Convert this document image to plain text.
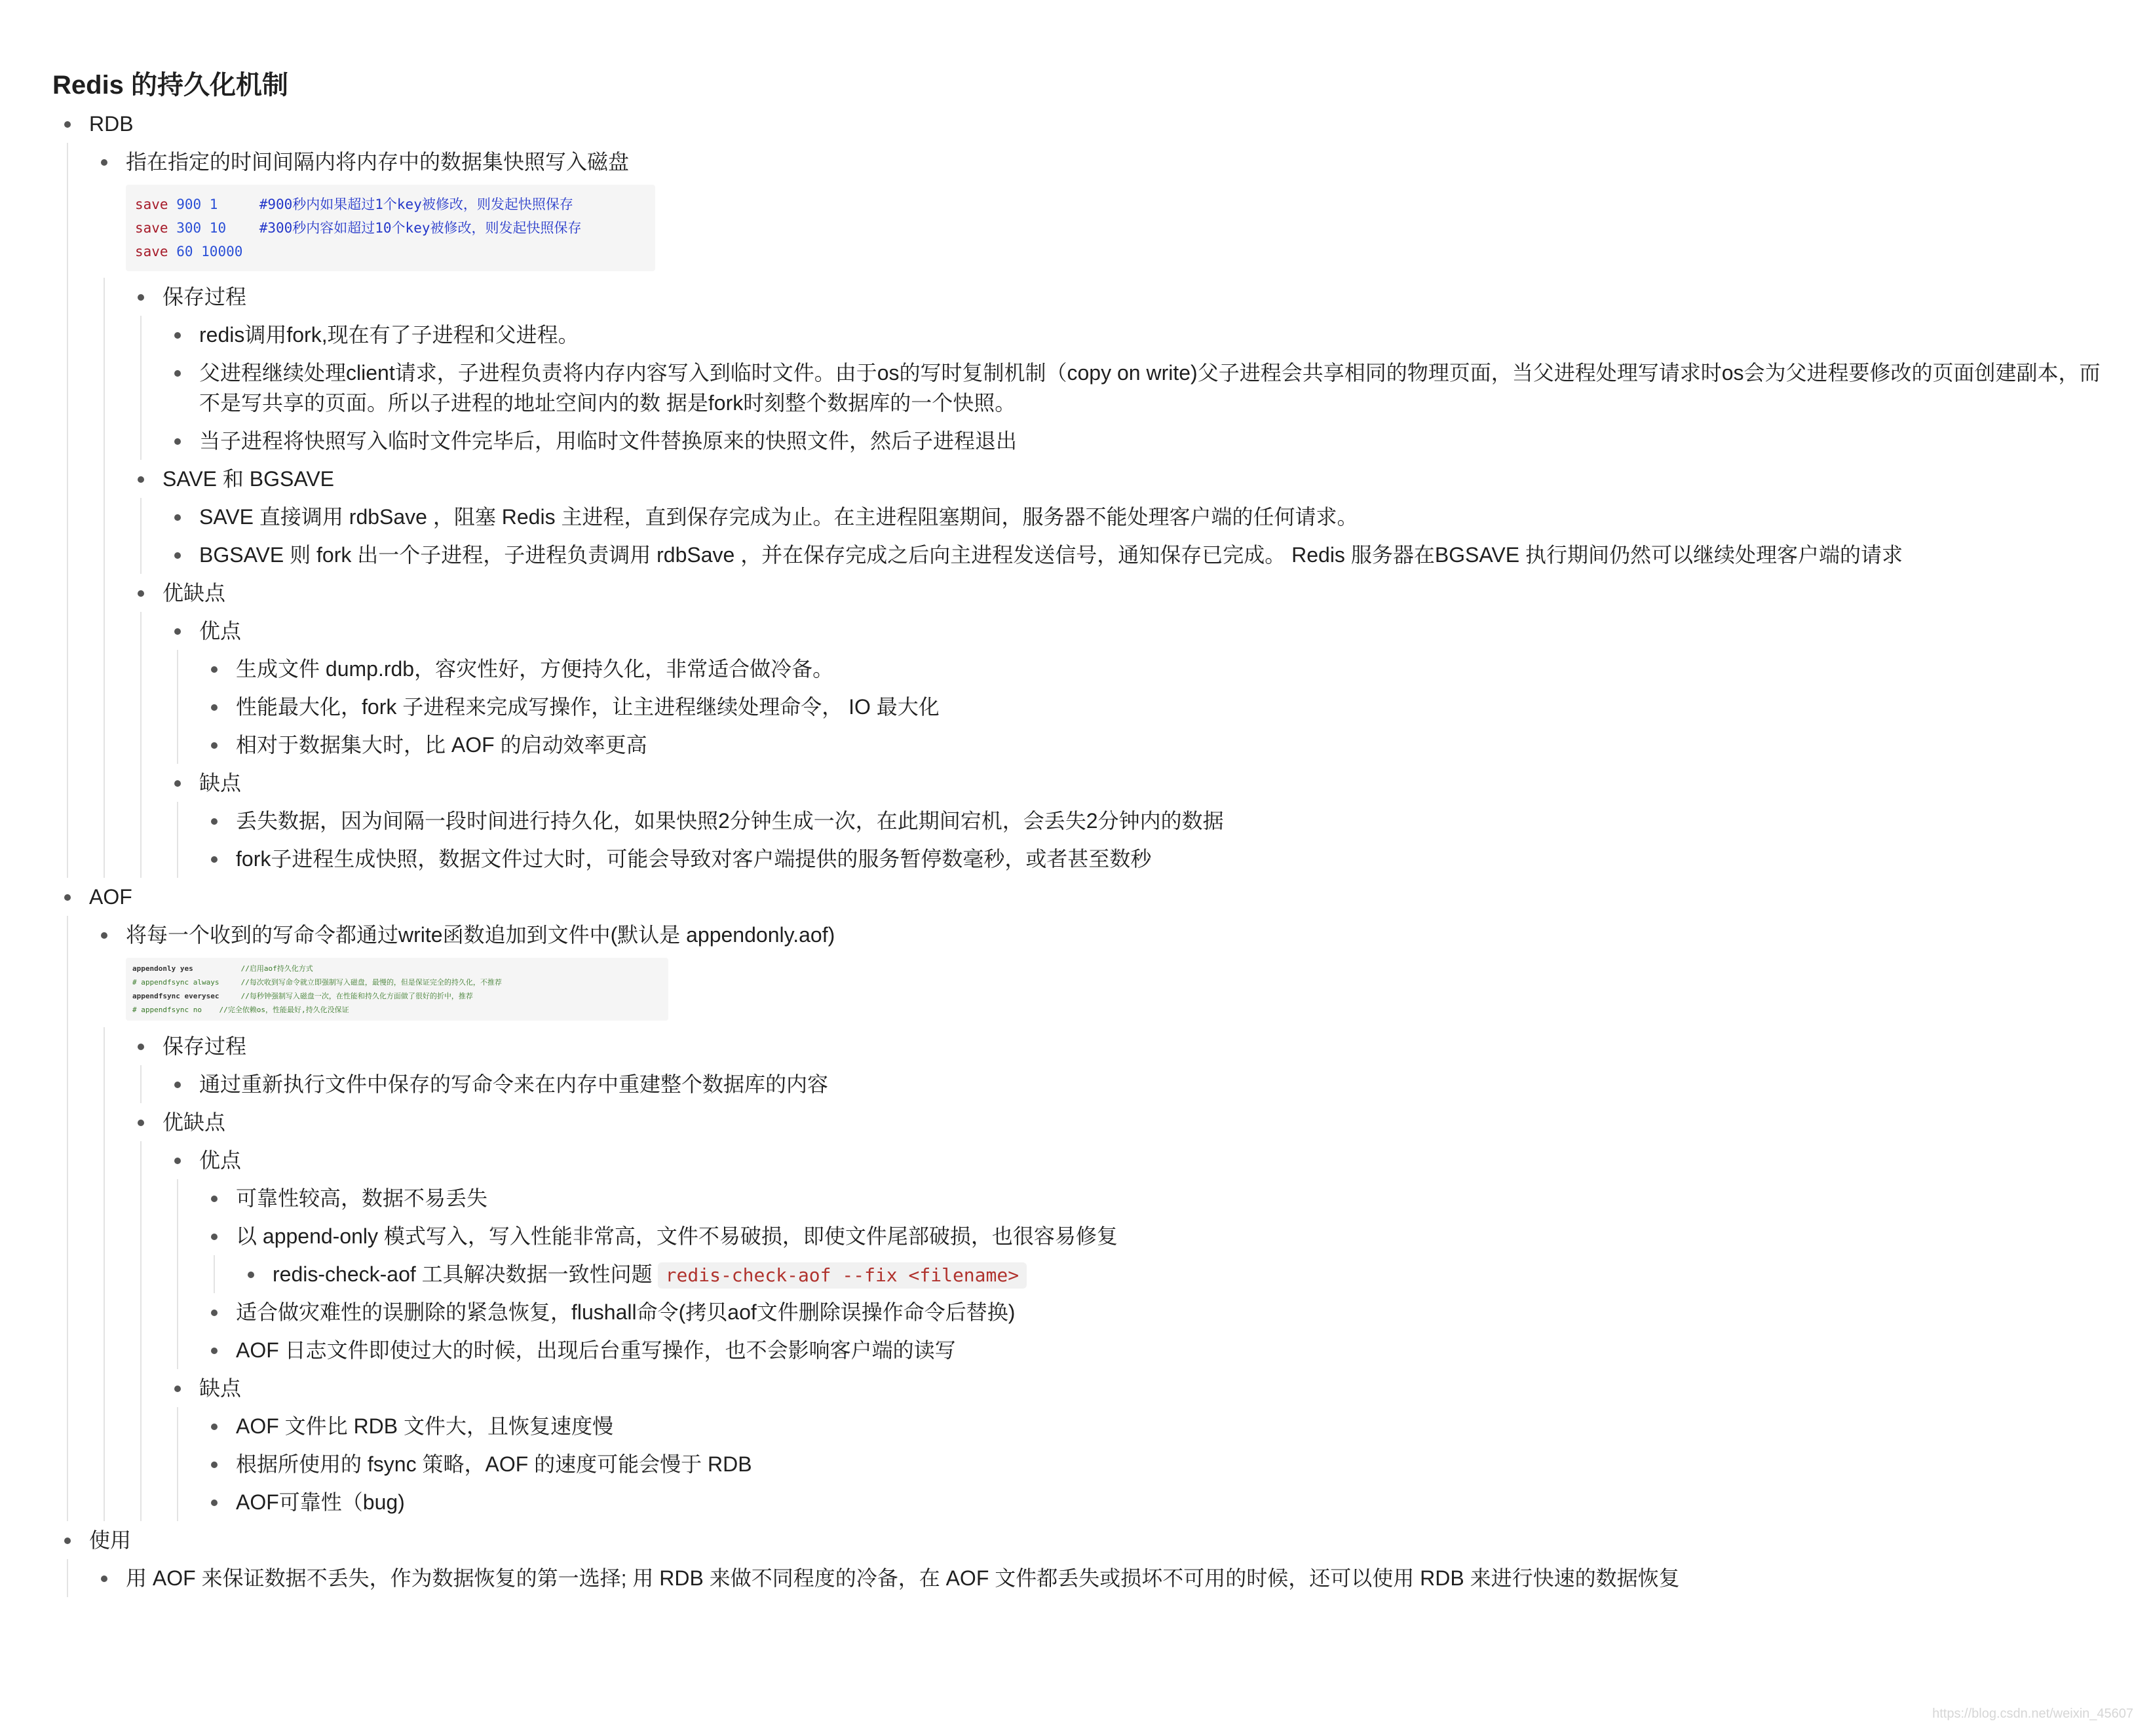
Redis 的持久化机制
RDB
指在指定的时间间隔内将内存中的数据集快照写入磁盘
save 900 1     #900秒内如果超过1个key被修改，则发起快照保存
save 300 10    #300秒内容如超过10个key被修改，则发起快照保存
save 60 10000
保存过程
redis调用fork,现在有了子进程和父进程。
父进程继续处理client请求，子进程负责将内存内容写入到临时文件。由于os的写时复制机制（copy on write)父子进程会共享相同的物理页面，当父进程处理写请求时os会为父进程要修改的页面创建副本，而不是写共享的页面。所以子进程的地址空间内的数 据是fork时刻整个数据库的一个快照。
当子进程将快照写入临时文件完毕后，用临时文件替换原来的快照文件，然后子进程退出
SAVE 和 BGSAVE
SAVE 直接调用 rdbSave ，阻塞 Redis 主进程，直到保存完成为止。在主进程阻塞期间，服务器不能处理客户端的任何请求。
BGSAVE 则 fork 出一个子进程，子进程负责调用 rdbSave ，并在保存完成之后向主进程发送信号，通知保存已完成。 Redis 服务器在BGSAVE 执行期间仍然可以继续处理客户端的请求
优缺点
优点
生成文件 dump.rdb，容灾性好，方便持久化，非常适合做冷备。
性能最大化，fork 子进程来完成写操作，让主进程继续处理命令， IO 最大化
相对于数据集大时，比 AOF 的启动效率更高
缺点
丢失数据，因为间隔一段时间进行持久化，如果快照2分钟生成一次，在此期间宕机，会丢失2分钟内的数据
fork子进程生成快照，数据文件过大时，可能会导致对客户端提供的服务暂停数毫秒，或者甚至数秒
AOF
将每一个收到的写命令都通过write函数追加到文件中(默认是 appendonly.aof)
appendonly yes           //启用aof持久化方式
# appendfsync always     //每次收到写命令就立即强制写入磁盘，最慢的，但是保证完全的持久化，不推荐
appendfsync everysec     //每秒钟强制写入磁盘一次，在性能和持久化方面做了很好的折中，推荐
# appendfsync no    //完全依赖os，性能最好,持久化没保证
保存过程
通过重新执行文件中保存的写命令来在内存中重建整个数据库的内容
优缺点
优点
可靠性较高，数据不易丢失
以 append-only 模式写入，写入性能非常高，文件不易破损，即使文件尾部破损，也很容易修复
redis-check-aof 工具解决数据一致性问题 redis-check-aof --fix <filename>
适合做灾难性的误删除的紧急恢复，flushall命令(拷贝aof文件删除误操作命令后替换)
AOF 日志文件即使过大的时候，出现后台重写操作，也不会影响客户端的读写
缺点
AOF 文件比 RDB 文件大，且恢复速度慢
根据所使用的 fsync 策略，AOF 的速度可能会慢于 RDB
AOF可靠性（bug)
使用
用 AOF 来保证数据不丢失，作为数据恢复的第一选择; 用 RDB 来做不同程度的冷备，在 AOF 文件都丢失或损坏不可用的时候，还可以使用 RDB 来进行快速的数据恢复
https://blog.csdn.net/weixin_45607
